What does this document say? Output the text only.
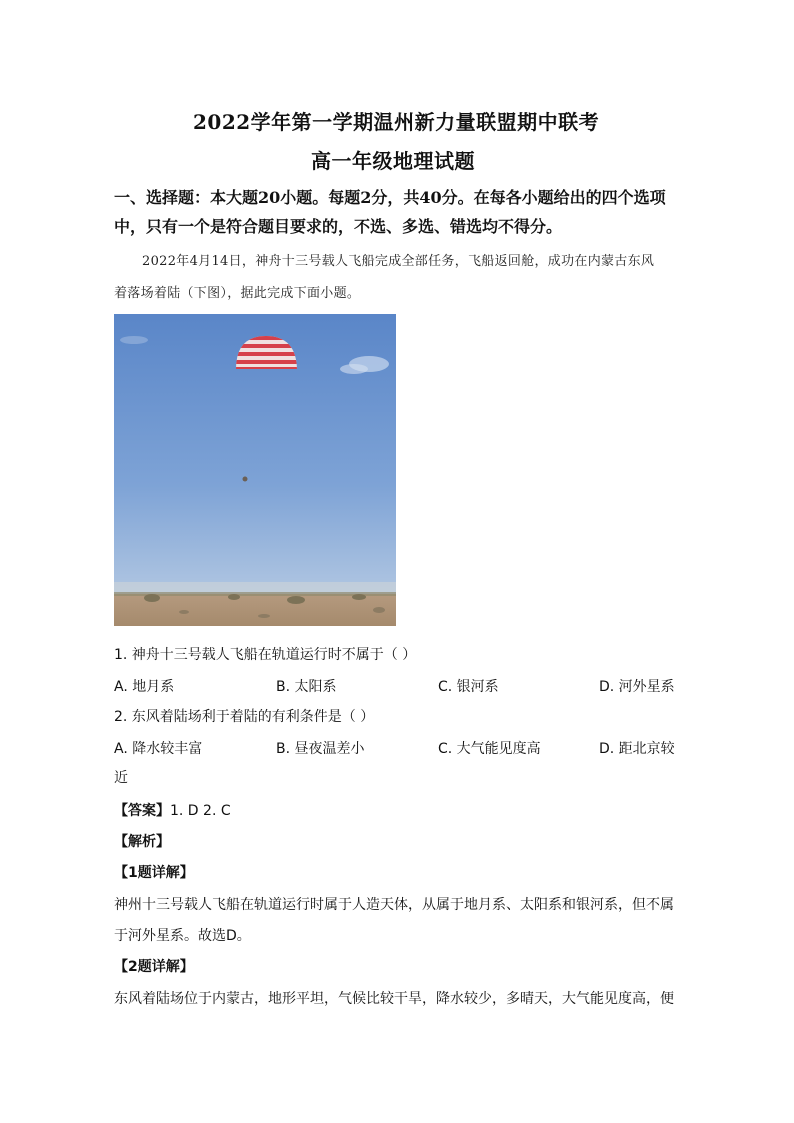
2022学年第一学期温州新力量联盟期中联考
高一年级地理试题
一、选择题：本大题20小题。每题2分，共40分。在每各小题给出的四个选项
中，只有一个是符合题目要求的，不选、多选、错选均不得分。
2022年4月14日，神舟十三号载人飞船完成全部任务，飞船返回舱，成功在内蒙古东风
着落场着陆（下图），据此完成下面小题。
1. 神舟十三号载人飞船在轨道运行时不属于（ ）
A. 地月系	B. 太阳系	C. 银河系	D. 河外星系
2. 东风着陆场利于着陆的有利条件是（ ）
A. 降水较丰富	B. 昼夜温差小	C. 大气能见度高	D. 距北京较
近
【答案】1. D 2. C
【解析】
【1题详解】
神州十三号载人飞船在轨道运行时属于人造天体，从属于地月系、太阳系和银河系，但不属
于河外星系。故选D。
【2题详解】
东风着陆场位于内蒙古，地形平坦，气候比较干旱，降水较少，多晴天，大气能见度高，便
